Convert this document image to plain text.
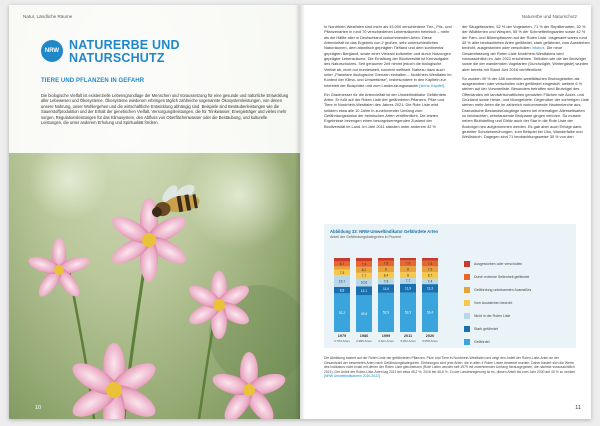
Natur, Ländliche Räume
NRW NATURERBE UND
NATURSCHUTZ
TIERE UND PFLANZEN IN GEFAHR
Die biologische Vielfalt ist existenzielle Lebensgrundlage der Menschen und Voraussetzung für eine gesunde und natürliche Entwicklung aller Lebewesen und Ökosysteme. Ökosysteme wiederum erbringen täglich zahlreiche sogenannte Ökosystemleistungen, von denen unsere Nahrung, unser Wohlergehen und die wirtschaftliche Entwicklung abhängig sind. Beispiele sind Bestäuberleistungen wie die Sauerstoffproduktion und der Erhalt der genetischen Vielfalt, Versorgungsleistungen, die für Trinkwasser, Energieträger und vieles mehr sorgen, Regulationsleistungen für das Klimasystem, den Abfluss von Oberflächenwasser oder die Bestäubung, und kulturelle Leistungen, die unter anderem Erholung und Spiritualität fördern.
10
Naturerbe und Naturschutz

In Nordrhein-Westfalen sind mehr als 43.000 verschiedene Tier-, Pilz- und Pflanzenarten in rund 70 verschiedenen Lebensräumen heimisch – mehr als die Hälfte aller in Deutschland vorkommenden Arten. Diese Artenvielfalt ist das Ergebnis von 2 großen, sehr unterschiedlichen Naturräumen, dem atlantisch geprägten Tiefland und dem kontinental geprägten Bergland, sowie einer Vielzahl kultureller und durch Nutzungen geprägter Lebensräume. Die Erhaltung der Biodiversität ist Kernaufgabe des Naturschutzes. Seit geraumer Zeit nimmt jedoch die biologische Vielfalt ab, nicht nur bundesweit, sondern weltweit. Nahezu dazu auch unter „Planetare ökologische Grenzen einhalten – Nordrhein-Westfalen im Kontext der Klima- und Umweltkrise“, insbesondere in den Kapiteln zur Inbetrieb der Biosphäre und zum Landnutzungswandel [siehe Kapitel].

Ein Gradmesser für die Artenvielfalt ist der Umweltindikator Gefährdete Arten. Er fußt auf der Roten Liste der gefährdeten Pflanzen, Pilze und Tiere in Nordrhein-Westfalen des Jahres 2021. Die Rote Liste wird seitdem etwa alle 10 Jahre in zunehmender Umfang zum Gefährdungsstatus der heimischen Arten veröffentlicht. Die letzten Ergebnisse bezeugen einen besorgniserregenden Zustand der Biodiversität im Land. Im Jahr 2011 standen unter anderem 42 %

der Säugetierarten, 52 % der Vogelarten, 71 % der Reptilienarten, 52 % der Wildbienen und Wespen, 55 % der Schmetterlingsarten sowie 42 % der Farn- und Blütenpflanzen auf der Roten Liste. Insgesamt waren rund 45 % aller beobachteten Arten gefährdet, stark gefährdet, vom Aussterben bedroht, ausgestorben oder verschollen Infobox. Die neue Gesamtfassung der Roten Liste Nordrhein-Westfalens wird voraussichtlich im Jahr 2021 erscheinen. Teilfolien wie die der Brutvögel sowie die der wandernden Vogelarten (Durchzügler, Wintergäste) wurden aber bereits mit Stand Juni 2016 veröffentlicht:

So wurden 49 % der 188 nordrhein-westfälischen Brutvogelarten als ausgestorben oder verschollen oder gefährdet eingestuft, weitere 6 % stehen auf der Vorwarnliste. Besonders betroffen sind Brutvögel des Offenlandes mit landwirtschaftlichen genutzten Flächen wie Acker- und Grünland sowie Heide- und Moorgebiete. Gegenüber der vorherigen Liste stehen mehr Arten die im zahlreich vorkommende Haubenlerche aus. Dramatische Bestandsrückgänge waren bei ehemaligen Allerweltsarten zu beobachten, zehntausende Brutpaare gingen verloren. So musste neben Bluthänfling und Girlitz auch der Star in die Rote Liste der Brutvögel neu aufgenommen werden. Es gab aber auch Erfolge dank gezielter Schutzbemühungen, zum Beispiel bei Uhu, Wanderfalke und Weißstorch. Dagegen sind 71 beobachtungsweise 30 % von den

Abbildung 33: NRW-Umweltindikator Gefährdete Arten
Anteil der Gefährdungskategorien in Prozent
52,2
8,8
15,7
7,5
6,7
1979
2.763 Arten
49,6
12,1
10,6
7,7
8,1
7,4
1986
2.986 Arten
52,9
11,6
7,9
8,4
8
7,8
1999
3.101 Arten
53,3
11,9
7,7
8
8
7,9
2011
3.062 Arten
53,4
11,3
7,4
8,7
7,9
7,8
2020
3.058 Arten
Ausgestorben oder verschollen
Durch extreme Seltenheit gefährdet
Gefährdung unbekannten Ausmaßes
Vom Aussterben bedroht
Nicht in der Roten Liste
Stark gefährdet
Gefährdet
Die Abbildung basiert auf der Roten Liste der gefährdeten Pflanzen, Pilze und Tiere in Nordrhein-Westfalen und zeigt den Anteil der Roten-Liste-Arten an der Gesamtzahl der bewerteten Arten nach Gefährdungskategorien. Einbezogen sind jene Arten, die in allen 4 Roten Listen bewertet wurden. Daher basiert sich die Werte des Indikators nicht exakt mit denen der Roten Liste gleichsetzen (Rote Listen wurden seit 1979 mit zunehmender Umfang herausgegeben, die nächste voraussichtlich 2021). Der Anteil der Roten-Liste-Arten lag 2011 bei etwa 45,2 %, 2016 bei 46,8 %. Zu der Landesregierung ist es, diesen Anteil bis zum Jahr 2030 auf 40 % zu senken [NRW Umweltindikatoren 2020-2022]
11
